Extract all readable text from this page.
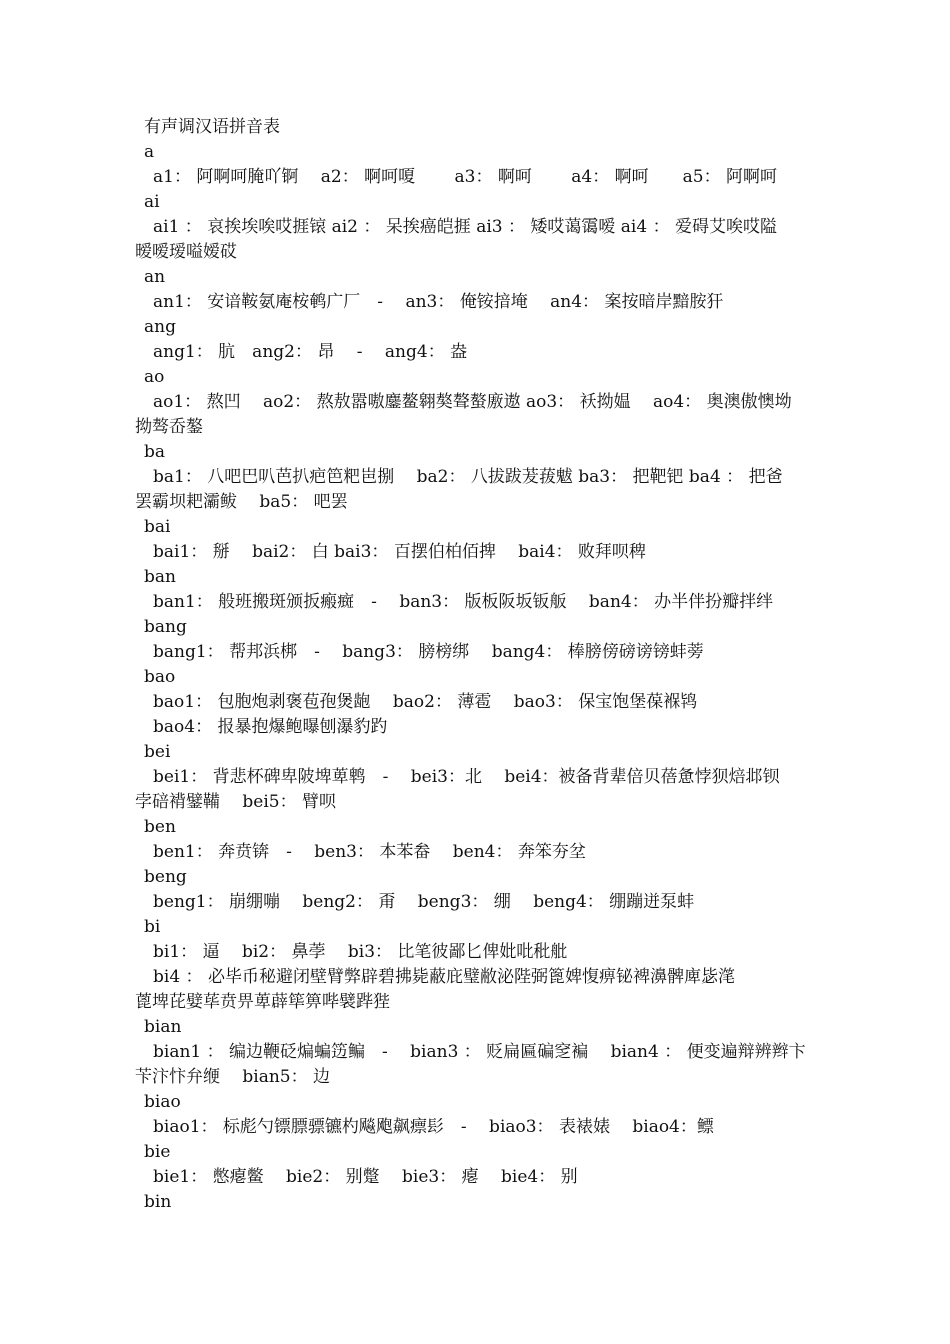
有声调汉语拼音表
a
a1： 阿啊呵腌吖锕　 a2： 啊呵嗄　　 a3： 啊呵　　 a4： 啊呵　　a5： 阿啊呵
ai
ai1 ： 哀挨埃唉哎捱锿 ai2 ： 呆挨癌皑捱 ai3 ： 矮哎蔼霭嗳 ai4 ： 爱碍艾唉哎隘
暧嗳瑷嗌嫒砹
an
an1： 安谙鞍氨庵桉鹌广厂　-　 an3： 俺铵揞埯　 an4： 案按暗岸黯胺犴
ang
ang1： 肮　ang2： 昂　 -　 ang4： 盎
ao
ao1： 熬凹　 ao2： 熬敖嚣嗷鏖鳌翱獒聱螯廒遨 ao3： 袄拗媪　 ao4： 奥澳傲懊坳
拗骜岙鏊
ba
ba1： 八吧巴叭芭扒疤笆粑岜捌　 ba2： 八拔跋茇菝魃 ba3： 把靶钯 ba4 ： 把爸
罢霸坝耙灞鲅　 ba5： 吧罢
bai
bai1： 掰　 bai2： 白 bai3： 百摆伯柏佰捭　 bai4： 败拜呗稗
ban
ban1： 般班搬斑颁扳瘢癍　-　 ban3： 版板阪坂钣舨　 ban4： 办半伴扮瓣拌绊
bang
bang1： 帮邦浜梆　-　 bang3： 膀榜绑　 bang4： 棒膀傍磅谤镑蚌蒡
bao
bao1： 包胞炮剥褒苞孢煲龅　 bao2： 薄雹　 bao3： 保宝饱堡葆褓鸨
bao4： 报暴抱爆鲍曝刨瀑豹趵
bei
bei1： 背悲杯碑卑陂埤萆鹎　-　 bei3：北　 bei4：被备背辈倍贝蓓惫悖狈焙邶钡
孛碚褙鐾鞴　 bei5： 臂呗
ben
ben1： 奔贲锛　-　 ben3： 本苯畚　 ben4： 奔笨夯坌
beng
beng1： 崩绷嘣　 beng2： 甭　 beng3： 绷　 beng4： 绷蹦迸泵蚌
bi
bi1： 逼　 bi2： 鼻荸　 bi3： 比笔彼鄙匕俾妣吡秕舭
bi4 ： 必毕币秘避闭壁臂弊辟碧拂毙蔽庇璧敝泌陛弼篦婢愎痹铋裨濞髀庳毖滗
蓖埤芘嬖荜贲畀萆薜筚箅哔襞跸狴
bian
bian1 ： 编边鞭砭煸蝙笾鳊　-　 bian3 ： 贬扁匾碥窆褊　 bian4 ： 便变遍辩辨辫卞
苄汴忭弁缏　 bian5： 边
biao
biao1： 标彪勺镖膘骠镳杓飚飑飙瘭髟　-　 biao3： 表裱婊　 biao4：鳔
bie
bie1： 憋瘪鳖　 bie2： 别蹩　 bie3： 瘪　 bie4： 别
bin
